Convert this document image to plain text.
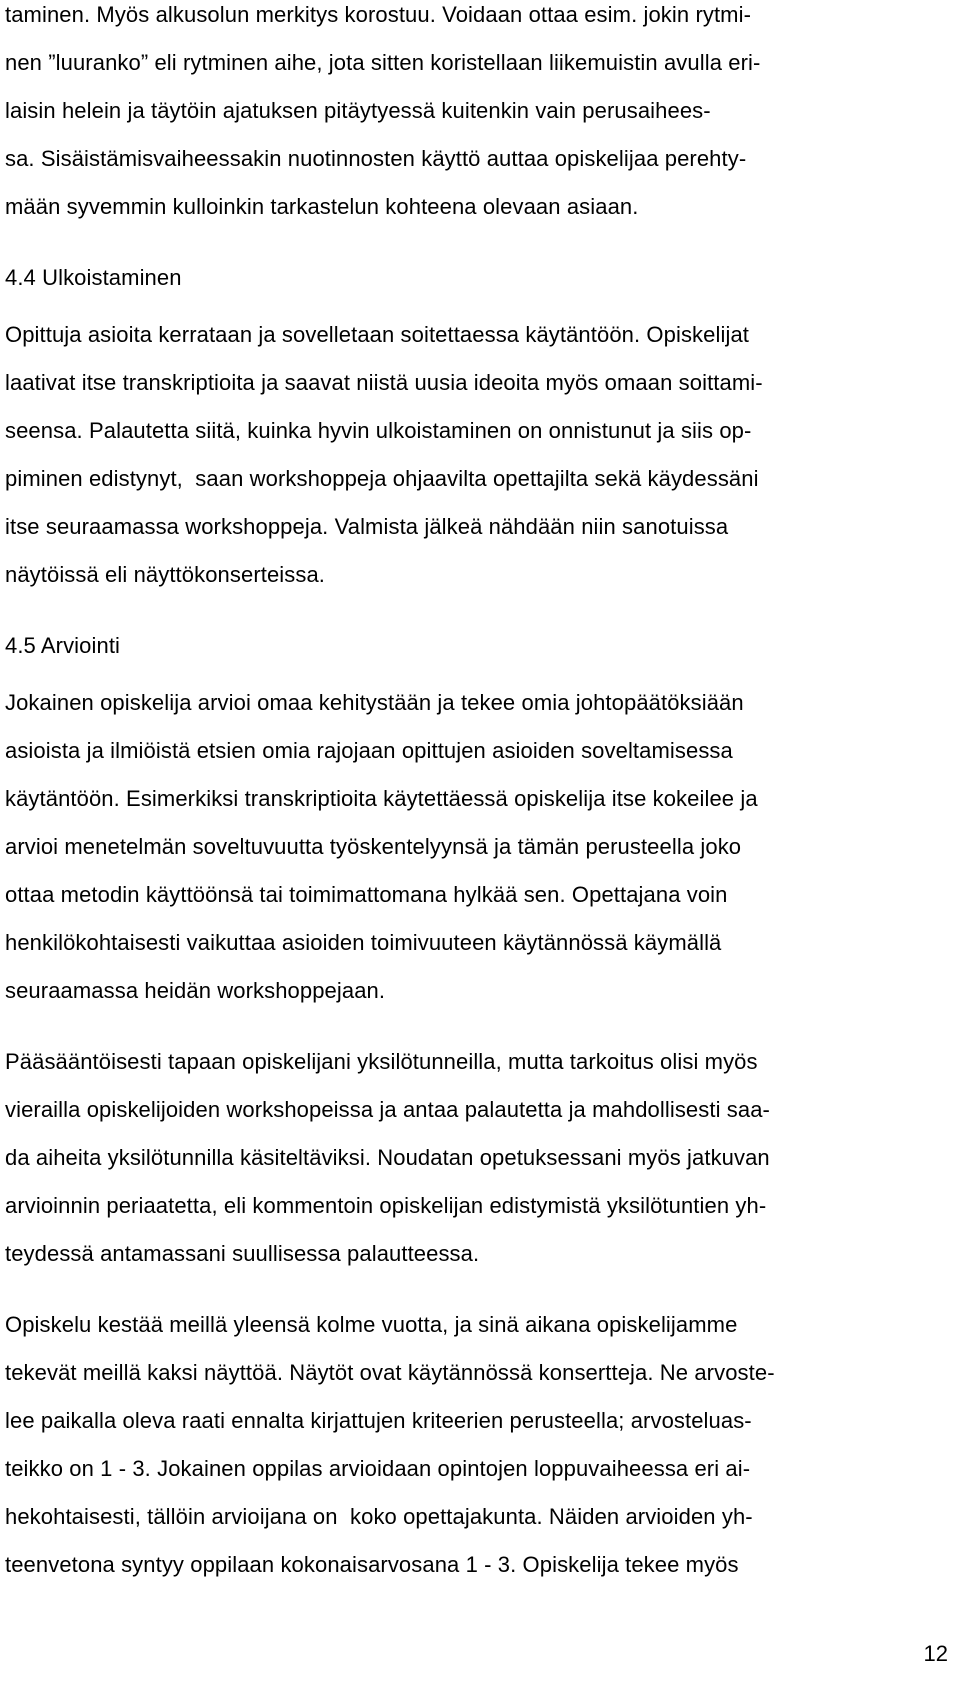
taminen. Myös alkusolun merkitys korostuu. Voidaan ottaa esim. jokin rytmi-
nen ”luuranko” eli rytminen aihe, jota sitten koristellaan liikemuistin avulla eri-
laisin helein ja täytöin ajatuksen pitäytyessä kuitenkin vain perusaihees-
sa. Sisäistämisvaiheessakin nuotinnosten käyttö auttaa opiskelijaa perehty-
mään syvemmin kulloinkin tarkastelun kohteena olevaan asiaan.
4.4 Ulkoistaminen
Opittuja asioita kerrataan ja sovelletaan soitettaessa käytäntöön. Opiskelijat
laativat itse transkriptioita ja saavat niistä uusia ideoita myös omaan soittami-
seensa. Palautetta siitä, kuinka hyvin ulkoistaminen on onnistunut ja siis op-
piminen edistynyt,  saan workshoppeja ohjaavilta opettajilta sekä käydessäni
itse seuraamassa workshoppeja. Valmista jälkeä nähdään niin sanotuissa
näytöissä eli näyttökonserteissa.
4.5 Arviointi
Jokainen opiskelija arvioi omaa kehitystään ja tekee omia johtopäätöksiään
asioista ja ilmiöistä etsien omia rajojaan opittujen asioiden soveltamisessa
käytäntöön. Esimerkiksi transkriptioita käytettäessä opiskelija itse kokeilee ja
arvioi menetelmän soveltuvuutta työskentelyynsä ja tämän perusteella joko
ottaa metodin käyttöönsä tai toimimattomana hylkää sen. Opettajana voin
henkilökohtaisesti vaikuttaa asioiden toimivuuteen käytännössä käymällä
seuraamassa heidän workshoppejaan.
Pääsääntöisesti tapaan opiskelijani yksilötunneilla, mutta tarkoitus olisi myös
vierailla opiskelijoiden workshopeissa ja antaa palautetta ja mahdollisesti saa-
da aiheita yksilötunnilla käsiteltäviksi. Noudatan opetuksessani myös jatkuvan
arvioinnin periaatetta, eli kommentoin opiskelijan edistymistä yksilötuntien yh-
teydessä antamassani suullisessa palautteessa.
Opiskelu kestää meillä yleensä kolme vuotta, ja sinä aikana opiskelijamme
tekevät meillä kaksi näyttöä. Näytöt ovat käytännössä konsertteja. Ne arvoste-
lee paikalla oleva raati ennalta kirjattujen kriteerien perusteella; arvosteluas-
teikko on 1 - 3. Jokainen oppilas arvioidaan opintojen loppuvaiheessa eri ai-
hekohtaisesti, tällöin arvioijana on  koko opettajakunta. Näiden arvioiden yh-
teenvetona syntyy oppilaan kokonaisarvosana 1 - 3. Opiskelija tekee myös
12
